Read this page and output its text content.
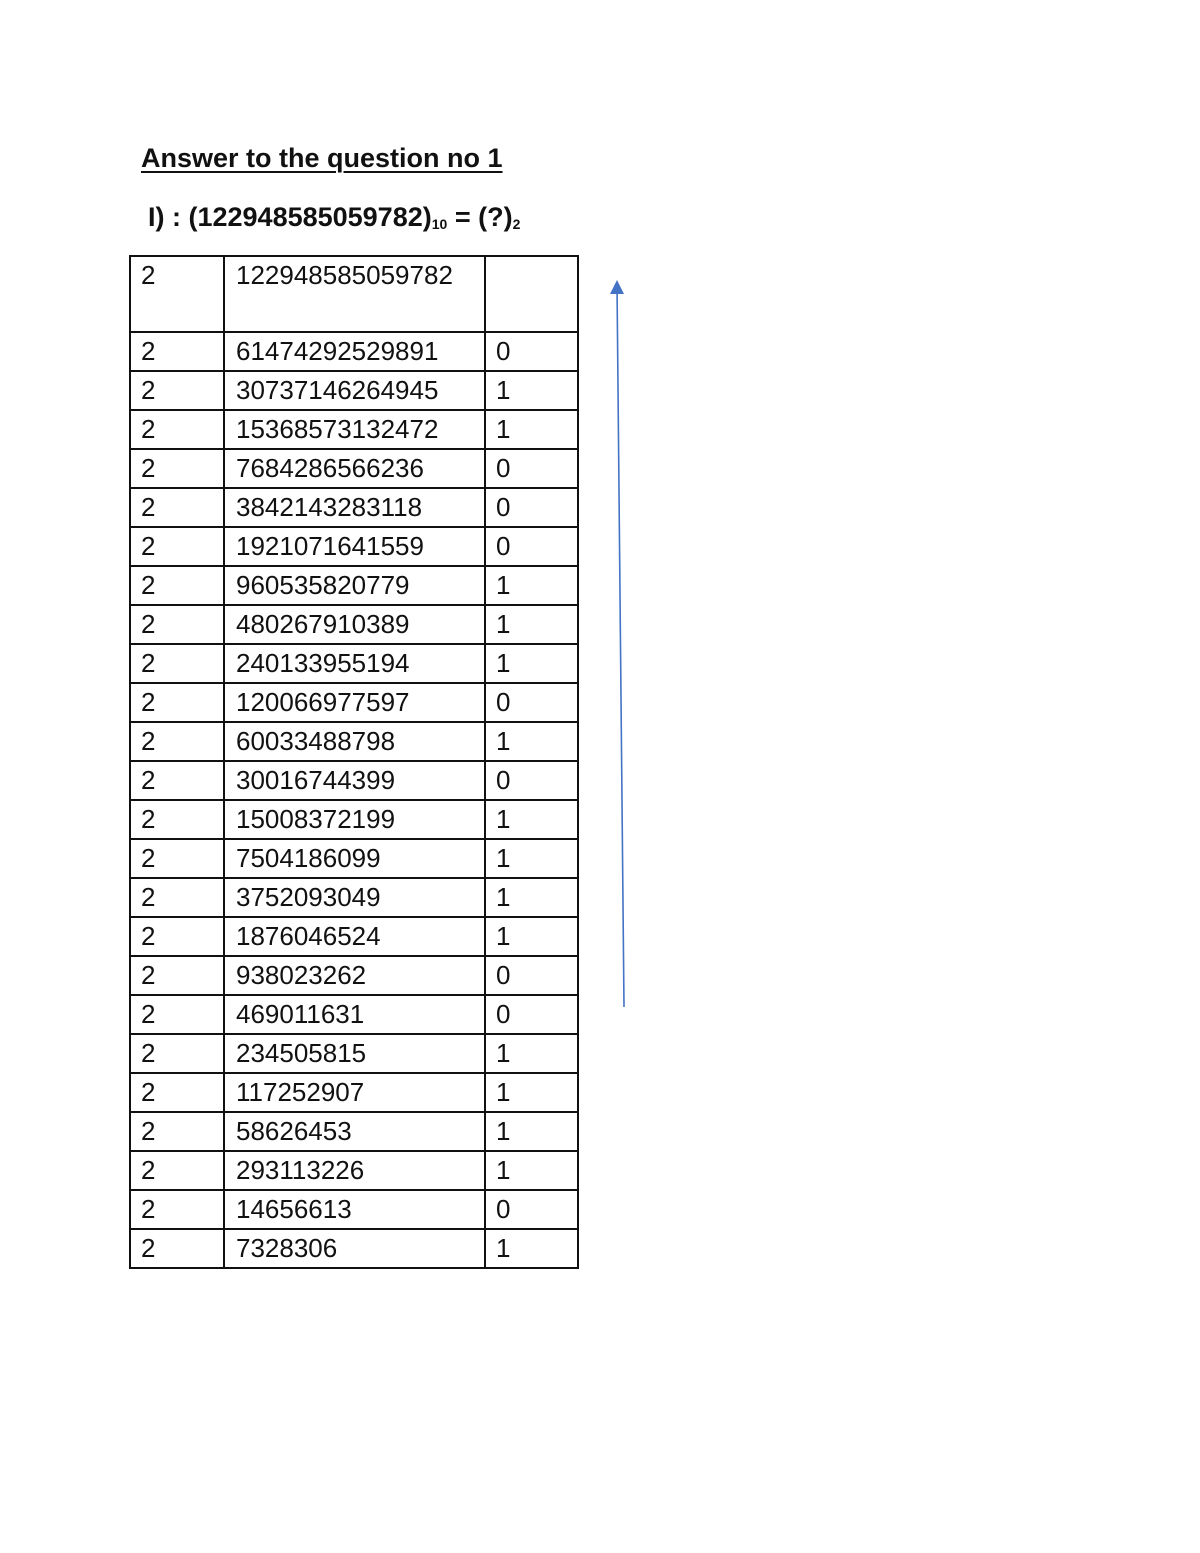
Answer to the question no 1
I) : $(122948585059782)_{10}$ = $(?)_2$
2	122948585059782	
2	61474292529891	0
2	30737146264945	1
2	15368573132472	1
2	7684286566236	0
2	3842143283118	0
2	1921071641559	0
2	960535820779	1
2	480267910389	1
2	240133955194	1
2	120066977597	0
2	60033488798	1
2	30016744399	0
2	15008372199	1
2	7504186099	1
2	3752093049	1
2	1876046524	1
2	938023262	0
2	469011631	0
2	234505815	1
2	117252907	1
2	58626453	1
2	293113226	1
2	14656613	0
2	7328306	1
